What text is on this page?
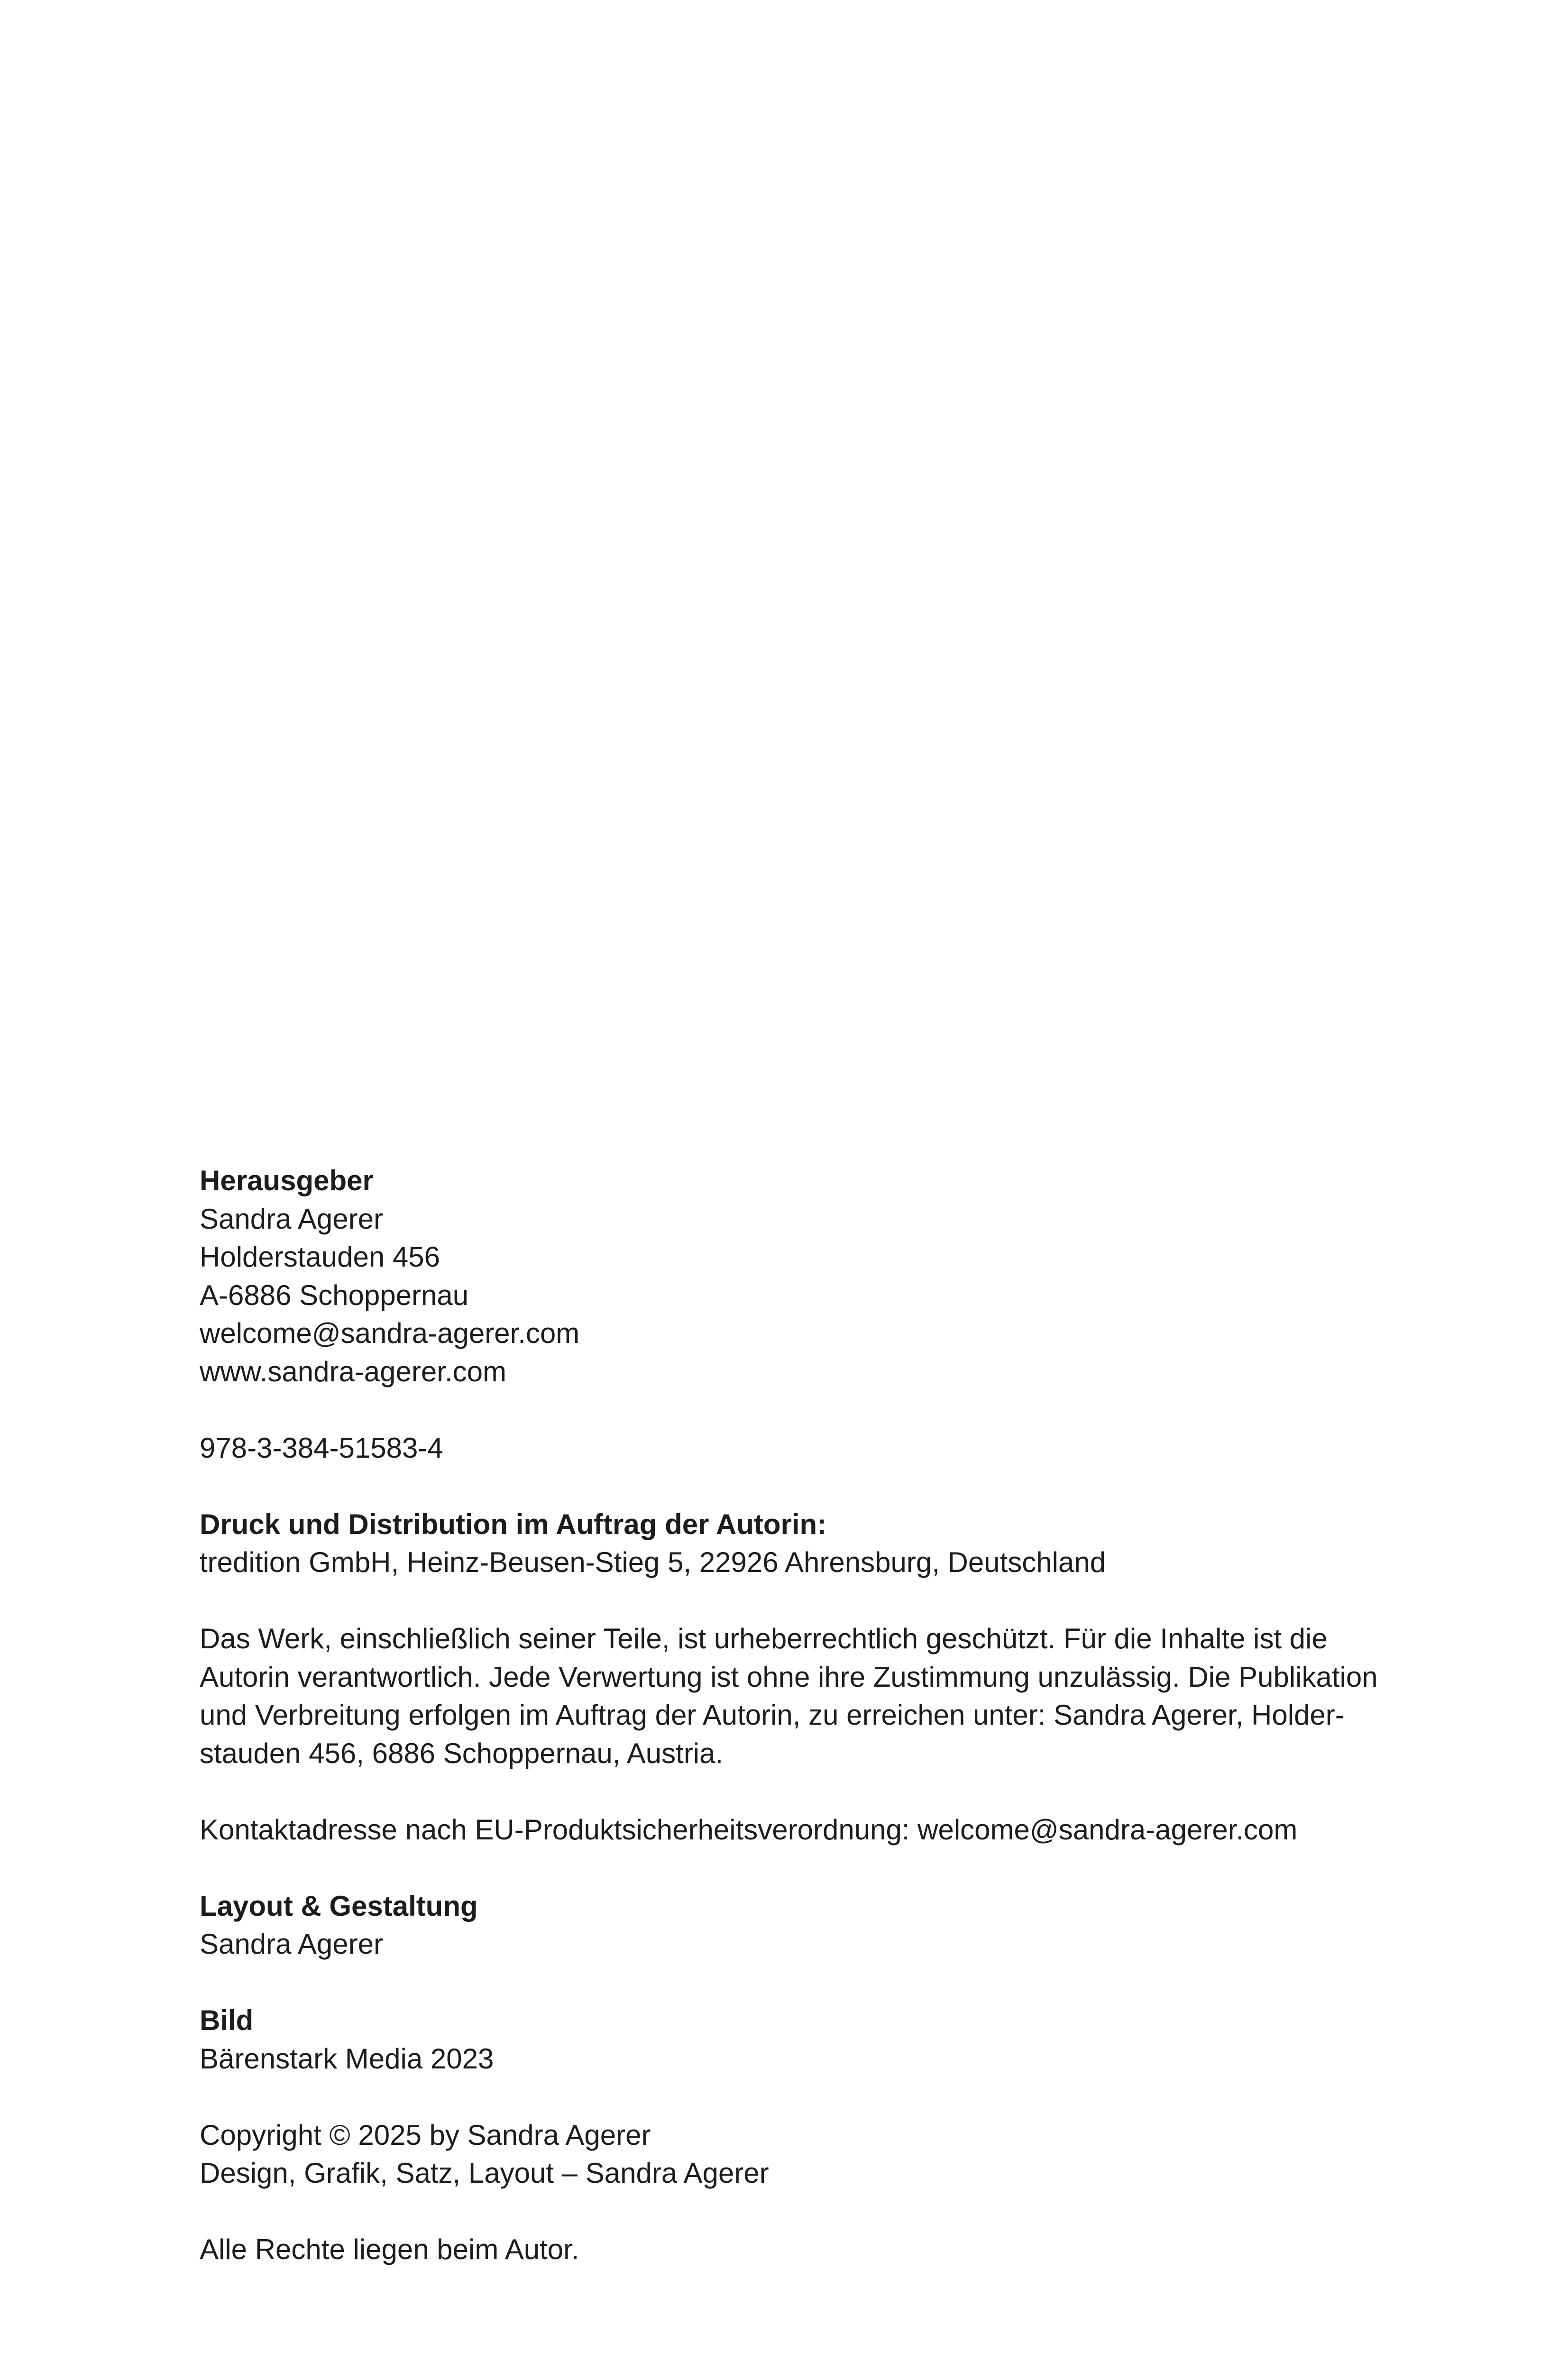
Herausgeber
Sandra Agerer
Holderstauden 456
A-6886 Schoppernau
welcome@sandra-agerer.com
www.sandra-agerer.com
978-3-384-51583-4
Druck und Distribution im Auftrag der Autorin:
tredition GmbH, Heinz-Beusen-Stieg 5, 22926 Ahrensburg, Deutschland
Das Werk, einschließlich seiner Teile, ist urheberrechtlich geschützt. Für die Inhalte ist die
Autorin verantwortlich. Jede Verwertung ist ohne ihre Zustimmung unzulässig. Die Publikation
und Verbreitung erfolgen im Auftrag der Autorin, zu erreichen unter: Sandra Agerer, Holder-
stauden 456, 6886 Schoppernau, Austria.
Kontaktadresse nach EU-Produktsicherheitsverordnung: welcome@sandra-agerer.com
Layout & Gestaltung
Sandra Agerer
Bild
Bärenstark Media 2023
Copyright © 2025 by Sandra Agerer
Design, Grafik, Satz, Layout – Sandra Agerer
Alle Rechte liegen beim Autor.
